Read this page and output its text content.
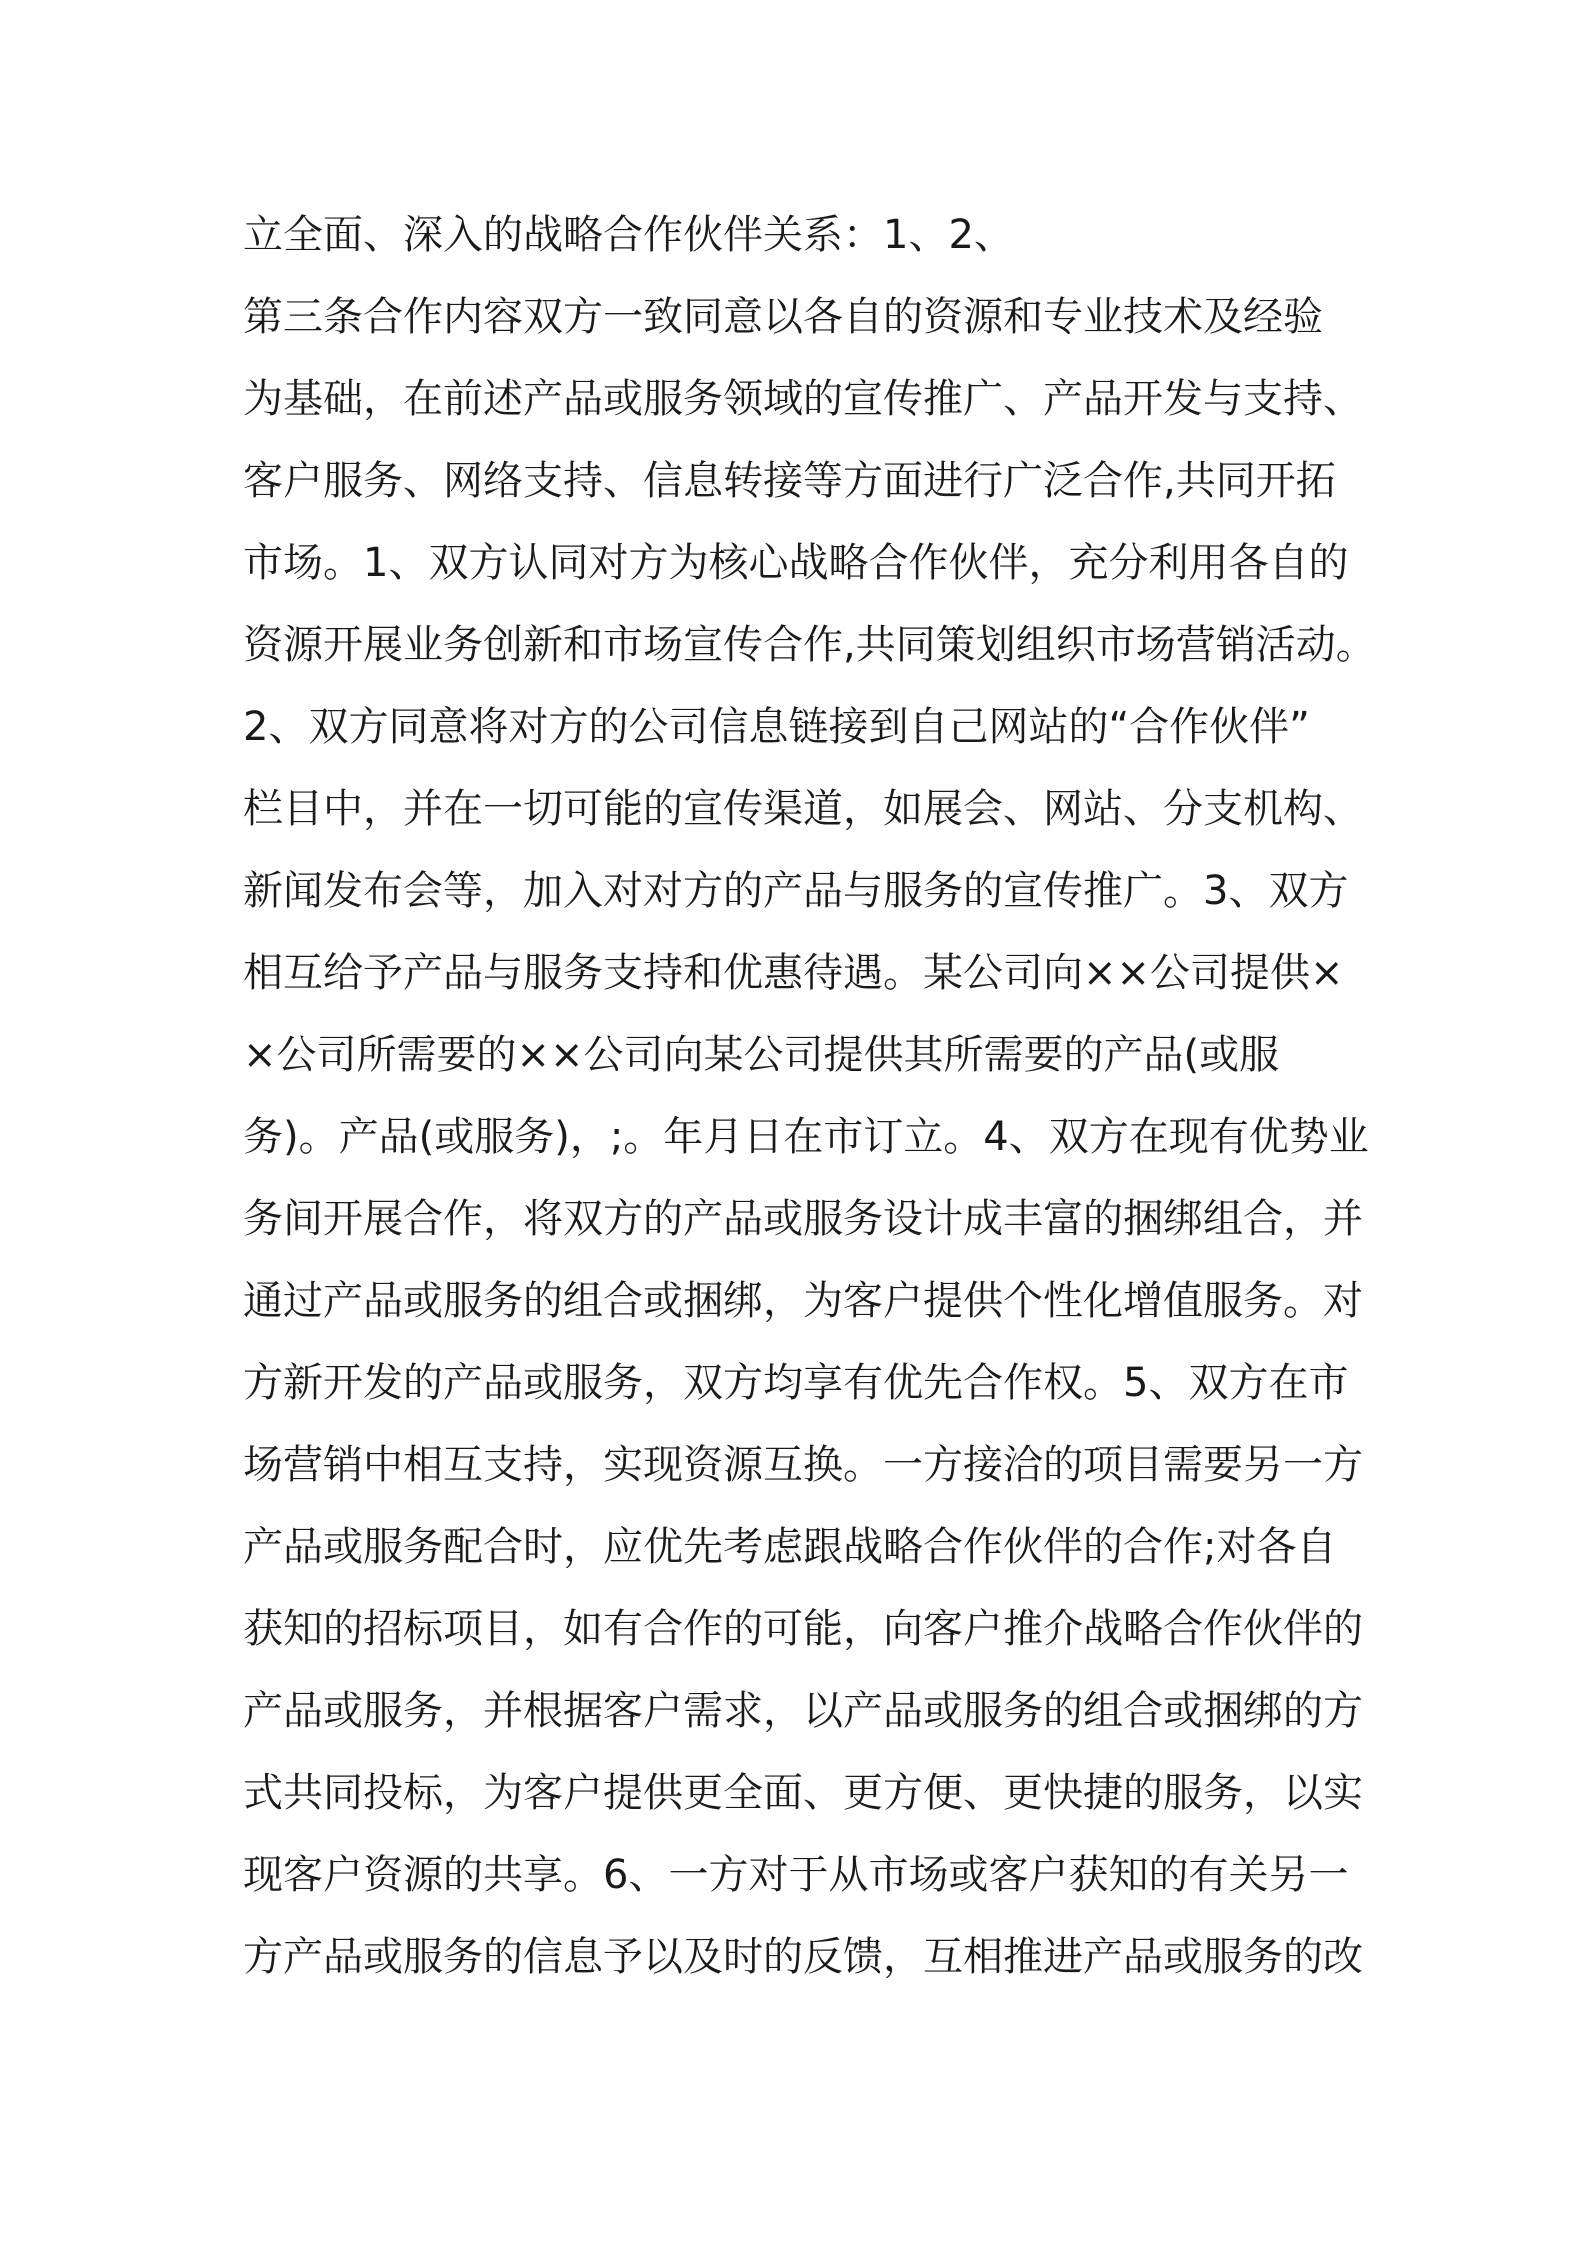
立全面、深入的战略合作伙伴关系：1、2、
第三条合作内容双方一致同意以各自的资源和专业技术及经验
为基础，在前述产品或服务领域的宣传推广、产品开发与支持、
客户服务、网络支持、信息转接等方面进行广泛合作,共同开拓
市场。1、双方认同对方为核心战略合作伙伴，充分利用各自的
资源开展业务创新和市场宣传合作,共同策划组织市场营销活动。
2、双方同意将对方的公司信息链接到自己网站的“合作伙伴”
栏目中，并在一切可能的宣传渠道，如展会、网站、分支机构、
新闻发布会等，加入对对方的产品与服务的宣传推广。3、双方
相互给予产品与服务支持和优惠待遇。某公司向××公司提供×
×公司所需要的××公司向某公司提供其所需要的产品(或服
务)。产品(或服务)，;。年月日在市订立。4、双方在现有优势业
务间开展合作，将双方的产品或服务设计成丰富的捆绑组合，并
通过产品或服务的组合或捆绑，为客户提供个性化增值服务。对
方新开发的产品或服务，双方均享有优先合作权。5、双方在市
场营销中相互支持，实现资源互换。一方接洽的项目需要另一方
产品或服务配合时，应优先考虑跟战略合作伙伴的合作;对各自
获知的招标项目，如有合作的可能，向客户推介战略合作伙伴的
产品或服务，并根据客户需求，以产品或服务的组合或捆绑的方
式共同投标，为客户提供更全面、更方便、更快捷的服务，以实
现客户资源的共享。6、一方对于从市场或客户获知的有关另一
方产品或服务的信息予以及时的反馈，互相推进产品或服务的改
